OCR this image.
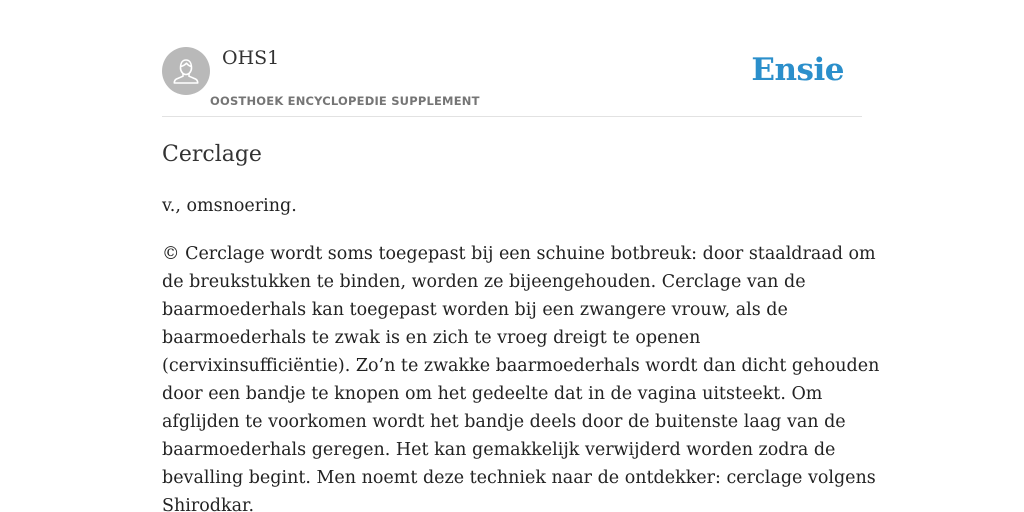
OHS1
OOSTHOEK ENCYCLOPEDIE SUPPLEMENT
Ensie
Cerclage

v., omsnoering.

© Cerclage wordt soms toegepast bij een schuine botbreuk: door staaldraad om
de breukstukken te binden, worden ze bijeengehouden. Cerclage van de
baarmoederhals kan toegepast worden bij een zwangere vrouw, als de
baarmoederhals te zwak is en zich te vroeg dreigt te openen
(cervixinsufficiëntie). Zo’n te zwakke baarmoederhals wordt dan dicht gehouden
door een bandje te knopen om het gedeelte dat in de vagina uitsteekt. Om
afglijden te voorkomen wordt het bandje deels door de buitenste laag van de
baarmoederhals geregen. Het kan gemakkelijk verwijderd worden zodra de
bevalling begint. Men noemt deze techniek naar de ontdekker: cerclage volgens
Shirodkar.
